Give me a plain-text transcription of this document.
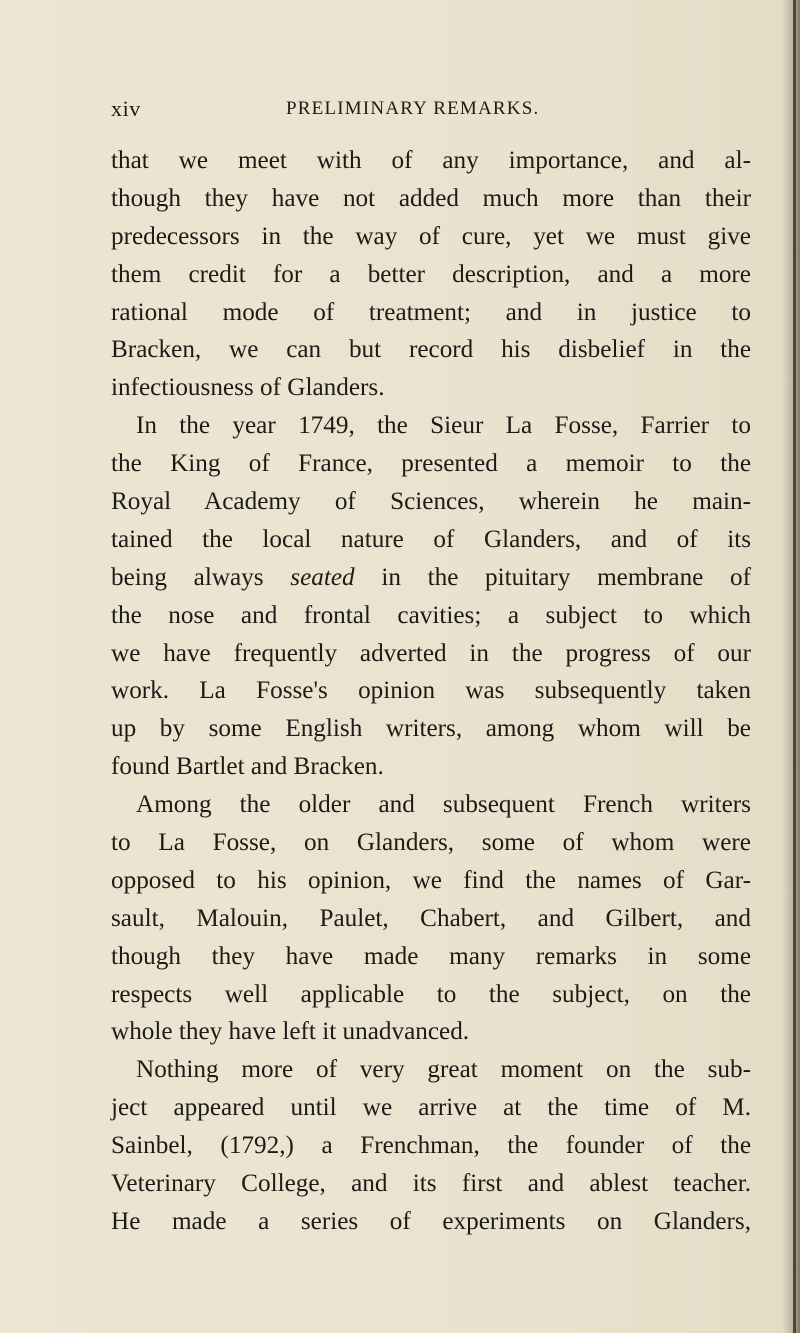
xiv	PRELIMINARY REMARKS.
that we meet with of any importance, and al-
though they have not added much more than their
predecessors in the way of cure, yet we must give
them credit for a better description, and a more
rational mode of treatment; and in justice to
Bracken, we can but record his disbelief in the
infectiousness of Glanders.
In the year 1749, the Sieur La Fosse, Farrier to
the King of France, presented a memoir to the
Royal Academy of Sciences, wherein he main-
tained the local nature of Glanders, and of its
being always seated in the pituitary membrane of
the nose and frontal cavities; a subject to which
we have frequently adverted in the progress of our
work. La Fosse's opinion was subsequently taken
up by some English writers, among whom will be
found Bartlet and Bracken.
Among the older and subsequent French writers
to La Fosse, on Glanders, some of whom were
opposed to his opinion, we find the names of Gar-
sault, Malouin, Paulet, Chabert, and Gilbert, and
though they have made many remarks in some
respects well applicable to the subject, on the
whole they have left it unadvanced.
Nothing more of very great moment on the sub-
ject appeared until we arrive at the time of M.
Sainbel, (1792,) a Frenchman, the founder of the
Veterinary College, and its first and ablest teacher.
He made a series of experiments on Glanders,
